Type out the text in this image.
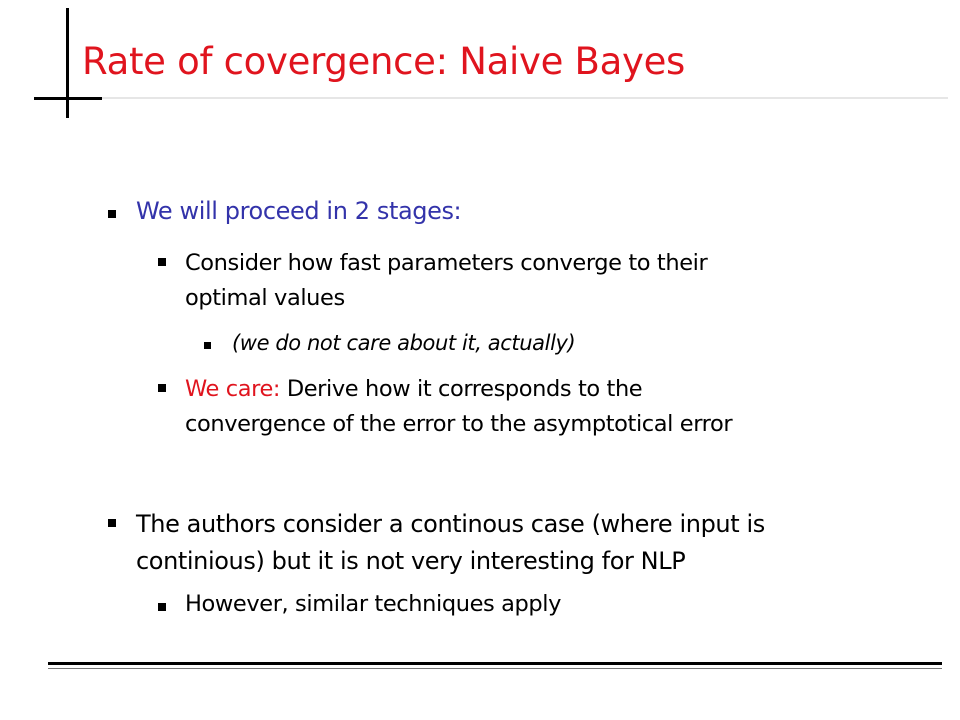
Rate of covergence: Naive Bayes
We will proceed in 2 stages:
Consider how fast parameters converge to their
optimal values
(we do not care about it, actually)
We care: Derive how it corresponds to the
convergence of the error to the asymptotical error
The authors consider a continous case (where input is
continious) but it is not very interesting for NLP
However, similar techniques apply
